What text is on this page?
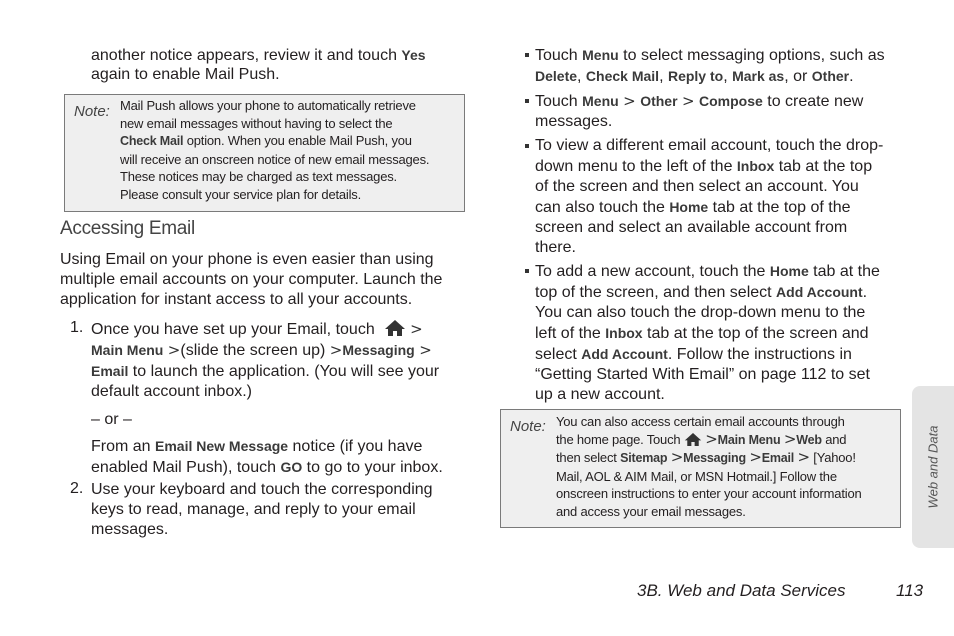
another notice appears, review it and touch Yes

again to enable Mail Push.

Note: Mail Push allows your phone to automatically retrieve
new email messages without having to select the
Check Mail option. When you enable Mail Push, you
will receive an onscreen notice of new email messages.
These notices may be charged as text messages.
Please consult your service plan for details.
Accessing Email

Using Email on your phone is even easier than using

multiple email accounts on your computer. Launch the

application for instant access to all your accounts.

1. Once you have set up your Email, touch >

Main Menu >(slide the screen up) >Messaging >

Email to launch the application. (You will see your

default account inbox.)

– or –

From an Email New Message notice (if you have

enabled Mail Push), touch GO to go to your inbox.

2. Use your keyboard and touch the corresponding

keys to read, manage, and reply to your email

messages.

Touch Menu to select messaging options, such as
Delete, Check Mail, Reply to, Mark as, or Other.
Touch Menu > Other > Compose to create new
messages.
To view a different email account, touch the drop-
down menu to the left of the Inbox tab at the top
of the screen and then select an account. You
can also touch the Home tab at the top of the
screen and select an available account from
there.
To add a new account, touch the Home tab at the
top of the screen, and then select Add Account.
You can also touch the drop-down menu to the
left of the Inbox tab at the top of the screen and
select Add Account. Follow the instructions in
“Getting Started With Email” on page 112 to set
up a new account.
Note: You can also access certain email accounts through
the home page. Touch  >Main Menu >Web and
then select Sitemap >Messaging >Email > [Yahoo!
Mail, AOL & AIM Mail, or MSN Hotmail.] Follow the
onscreen instructions to enter your account information
and access your email messages.
Web and Data
3B. Web and Data Services	113
